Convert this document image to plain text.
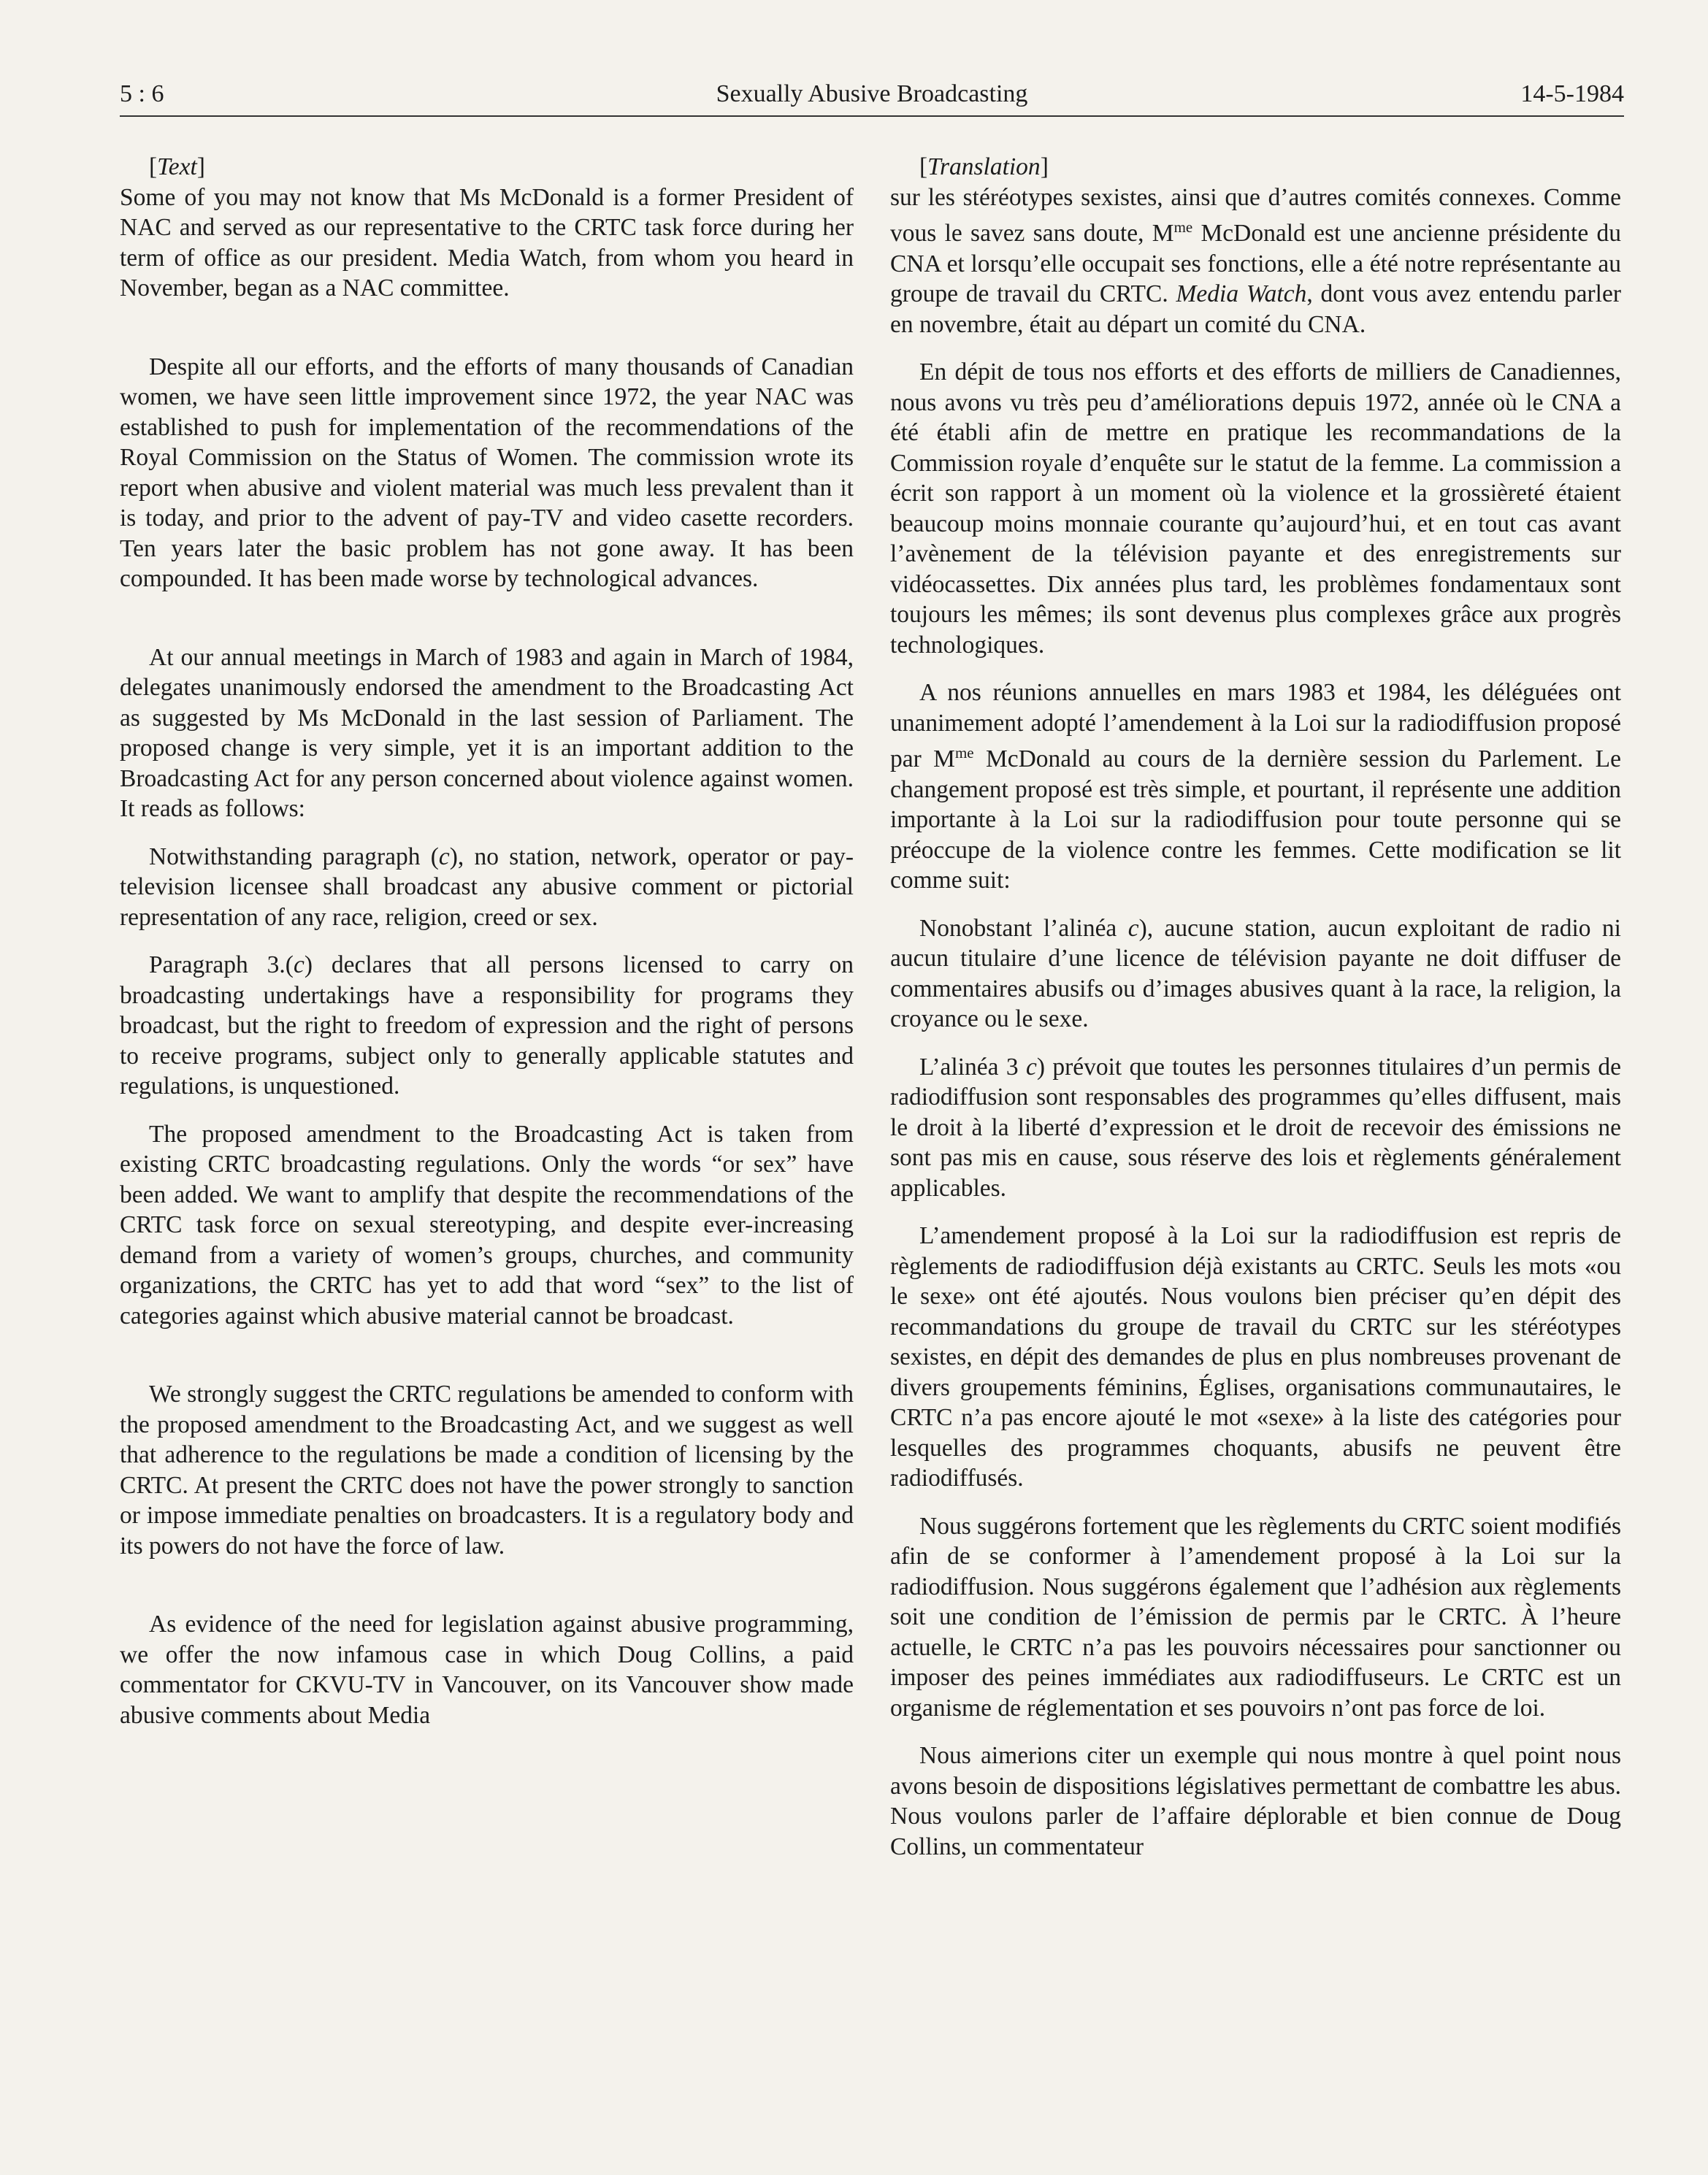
5 : 6	Sexually Abusive Broadcasting	14-5-1984

[Text]

Some of you may not know that Ms McDonald is a former President of NAC and served as our representative to the CRTC task force during her term of office as our president. Media Watch, from whom you heard in November, began as a NAC committee.

Despite all our efforts, and the efforts of many thousands of Canadian women, we have seen little improvement since 1972, the year NAC was established to push for implementation of the recommendations of the Royal Commission on the Status of Women. The commission wrote its report when abusive and violent material was much less prevalent than it is today, and prior to the advent of pay-TV and video casette recorders. Ten years later the basic problem has not gone away. It has been compounded. It has been made worse by technological advances.

At our annual meetings in March of 1983 and again in March of 1984, delegates unanimously endorsed the amendment to the Broadcasting Act as suggested by Ms McDonald in the last session of Parliament. The proposed change is very simple, yet it is an important addition to the Broadcasting Act for any person concerned about violence against women. It reads as follows:

Notwithstanding paragraph (c), no station, network, operator or pay-television licensee shall broadcast any abusive comment or pictorial representation of any race, religion, creed or sex.

Paragraph 3.(c) declares that all persons licensed to carry on broadcasting undertakings have a responsibility for programs they broadcast, but the right to freedom of expression and the right of persons to receive programs, subject only to generally applicable statutes and regulations, is unquestioned.

The proposed amendment to the Broadcasting Act is taken from existing CRTC broadcasting regulations. Only the words “or sex” have been added. We want to amplify that despite the recommendations of the CRTC task force on sexual stereotyping, and despite ever-increasing demand from a variety of women’s groups, churches, and community organizations, the CRTC has yet to add that word “sex” to the list of categories against which abusive material cannot be broadcast.

We strongly suggest the CRTC regulations be amended to conform with the proposed amendment to the Broadcasting Act, and we suggest as well that adherence to the regulations be made a condition of licensing by the CRTC. At present the CRTC does not have the power strongly to sanction or impose immediate penalties on broadcasters. It is a regulatory body and its powers do not have the force of law.

As evidence of the need for legislation against abusive programming, we offer the now infamous case in which Doug Collins, a paid commentator for CKVU-TV in Vancouver, on its Vancouver show made abusive comments about Media

[Translation]

sur les stéréotypes sexistes, ainsi que d’autres comités connexes. Comme vous le savez sans doute, $M^{me}$ McDonald est une ancienne présidente du CNA et lorsqu’elle occupait ses fonctions, elle a été notre représentante au groupe de travail du CRTC. Media Watch, dont vous avez entendu parler en novembre, était au départ un comité du CNA.

En dépit de tous nos efforts et des efforts de milliers de Canadiennes, nous avons vu très peu d’améliorations depuis 1972, année où le CNA a été établi afin de mettre en pratique les recommandations de la Commission royale d’enquête sur le statut de la femme. La commission a écrit son rapport à un moment où la violence et la grossièreté étaient beaucoup moins monnaie courante qu’aujourd’hui, et en tout cas avant l’avènement de la télévision payante et des enregistrements sur vidéocassettes. Dix années plus tard, les problèmes fondamentaux sont toujours les mêmes; ils sont devenus plus complexes grâce aux progrès technologiques.

A nos réunions annuelles en mars 1983 et 1984, les déléguées ont unanimement adopté l’amendement à la Loi sur la radiodiffusion proposé par $M^{me}$ McDonald au cours de la dernière session du Parlement. Le changement proposé est très simple, et pourtant, il représente une addition importante à la Loi sur la radiodiffusion pour toute personne qui se préoccupe de la violence contre les femmes. Cette modification se lit comme suit:

Nonobstant l’alinéa c), aucune station, aucun exploitant de radio ni aucun titulaire d’une licence de télévision payante ne doit diffuser de commentaires abusifs ou d’images abusives quant à la race, la religion, la croyance ou le sexe.

L’alinéa 3 c) prévoit que toutes les personnes titulaires d’un permis de radiodiffusion sont responsables des programmes qu’elles diffusent, mais le droit à la liberté d’expression et le droit de recevoir des émissions ne sont pas mis en cause, sous réserve des lois et règlements généralement applicables.

L’amendement proposé à la Loi sur la radiodiffusion est repris de règlements de radiodiffusion déjà existants au CRTC. Seuls les mots «ou le sexe» ont été ajoutés. Nous voulons bien préciser qu’en dépit des recommandations du groupe de travail du CRTC sur les stéréotypes sexistes, en dépit des demandes de plus en plus nombreuses provenant de divers groupements féminins, Églises, organisations communautaires, le CRTC n’a pas encore ajouté le mot «sexe» à la liste des catégories pour lesquelles des programmes choquants, abusifs ne peuvent être radiodiffusés.

Nous suggérons fortement que les règlements du CRTC soient modifiés afin de se conformer à l’amendement proposé à la Loi sur la radiodiffusion. Nous suggérons également que l’adhésion aux règlements soit une condition de l’émission de permis par le CRTC. À l’heure actuelle, le CRTC n’a pas les pouvoirs nécessaires pour sanctionner ou imposer des peines immédiates aux radiodiffuseurs. Le CRTC est un organisme de réglementation et ses pouvoirs n’ont pas force de loi.

Nous aimerions citer un exemple qui nous montre à quel point nous avons besoin de dispositions législatives permettant de combattre les abus. Nous voulons parler de l’affaire déplorable et bien connue de Doug Collins, un commentateur
